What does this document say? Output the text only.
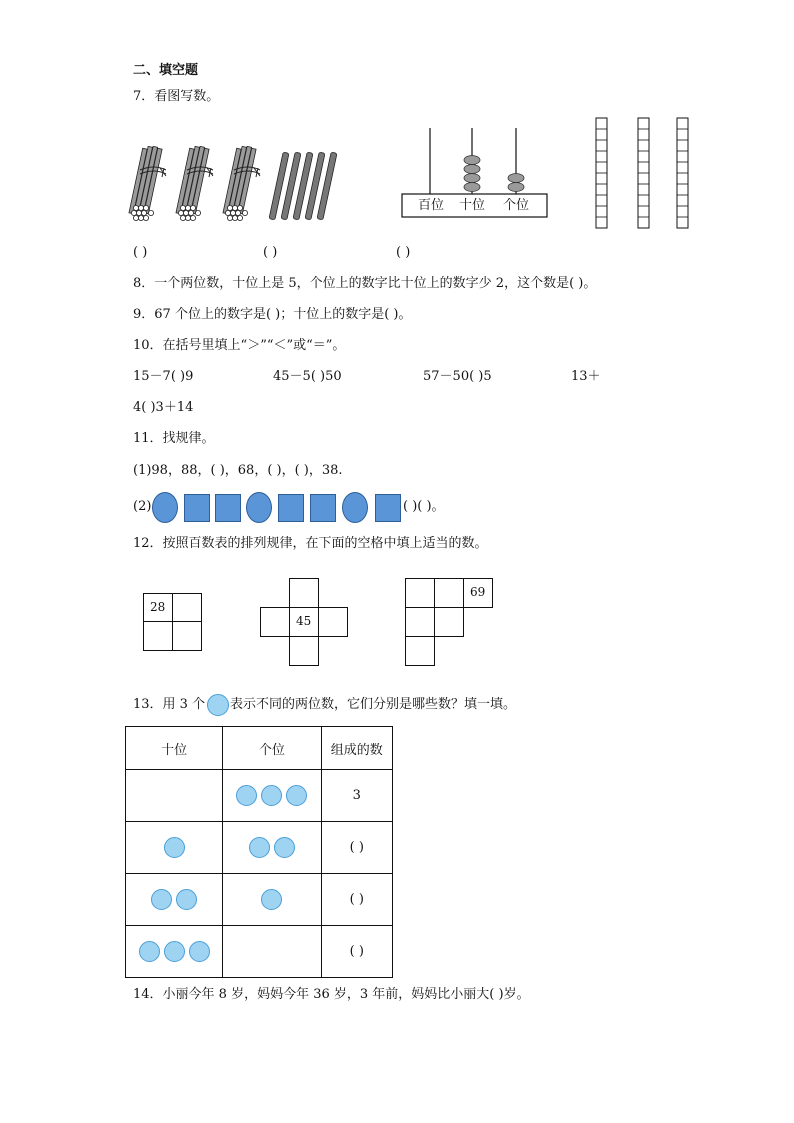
二、填空题
7．看图写数。
百位 十位 个位
( )	( )	( )
8．一个两位数，十位上是 5，个位上的数字比十位上的数字少 2，这个数是( )。
9．67 个位上的数字是( )；十位上的数字是( )。
10．在括号里填上“＞”“＜”或“＝”。
15－7( )9	45－5( )50	57－50( )5	13＋
4( )3＋14
11．找规律。
(1)98，88，( )，68，( )，( )，38.
(2)	( )( )。
12．按照百数表的排列规律，在下面的空格中填上适当的数。
28
45
69
13．用 3 个 表示不同的两位数，它们分别是哪些数？填一填。
十位	个位	组成的数
		3
		( )
		( )
		( )
14．小丽今年 8 岁，妈妈今年 36 岁，3 年前，妈妈比小丽大( )岁。
